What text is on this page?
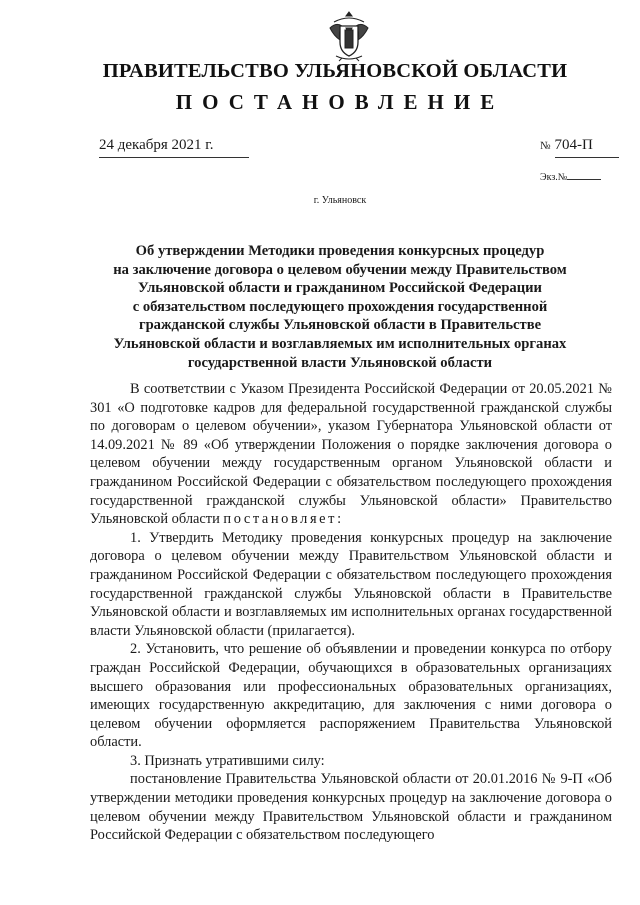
ПРАВИТЕЛЬСТВО УЛЬЯНОВСКОЙ ОБЛАСТИ
ПОСТАНОВЛЕНИЕ
24 декабря 2021 г.	№ 704-П
Экз.№
г. Ульяновск
Об утверждении Методики проведения конкурсных процедур
на заключение договора о целевом обучении между Правительством
Ульяновской области и гражданином Российской Федерации
с обязательством последующего прохождения государственной
гражданской службы Ульяновской области в Правительстве
Ульяновской области и возглавляемых им исполнительных органах
государственной власти Ульяновской области

В соответствии с Указом Президента Российской Федерации от 20.05.2021 № 301 «О подготовке кадров для федеральной государственной гражданской службы по договорам о целевом обучении», указом Губернатора Ульяновской области от 14.09.2021 № 89 «Об утверждении Положения о порядке заключения договора о целевом обучении между государственным органом Ульяновской области и гражданином Российской Федерации с обязательством последующего прохождения государственной гражданской службы Ульяновской области» Правительство Ульяновской области постановляет:

1. Утвердить Методику проведения конкурсных процедур на заключение договора о целевом обучении между Правительством Ульяновской области и гражданином Российской Федерации с обязательством последующего прохождения государственной гражданской службы Ульяновской области в Правительстве Ульяновской области и возглавляемых им исполнительных органах государственной власти Ульяновской области (прилагается).

2. Установить, что решение об объявлении и проведении конкурса по отбору граждан Российской Федерации, обучающихся в образовательных организациях высшего образования или профессиональных образовательных организациях, имеющих государственную аккредитацию, для заключения с ними договора о целевом обучении оформляется распоряжением Правительства Ульяновской области.

3. Признать утратившими силу:

постановление Правительства Ульяновской области от 20.01.2016 № 9-П «Об утверждении методики проведения конкурсных процедур на заключение договора о целевом обучении между Правительством Ульяновской области и гражданином Российской Федерации с обязательством последующего
